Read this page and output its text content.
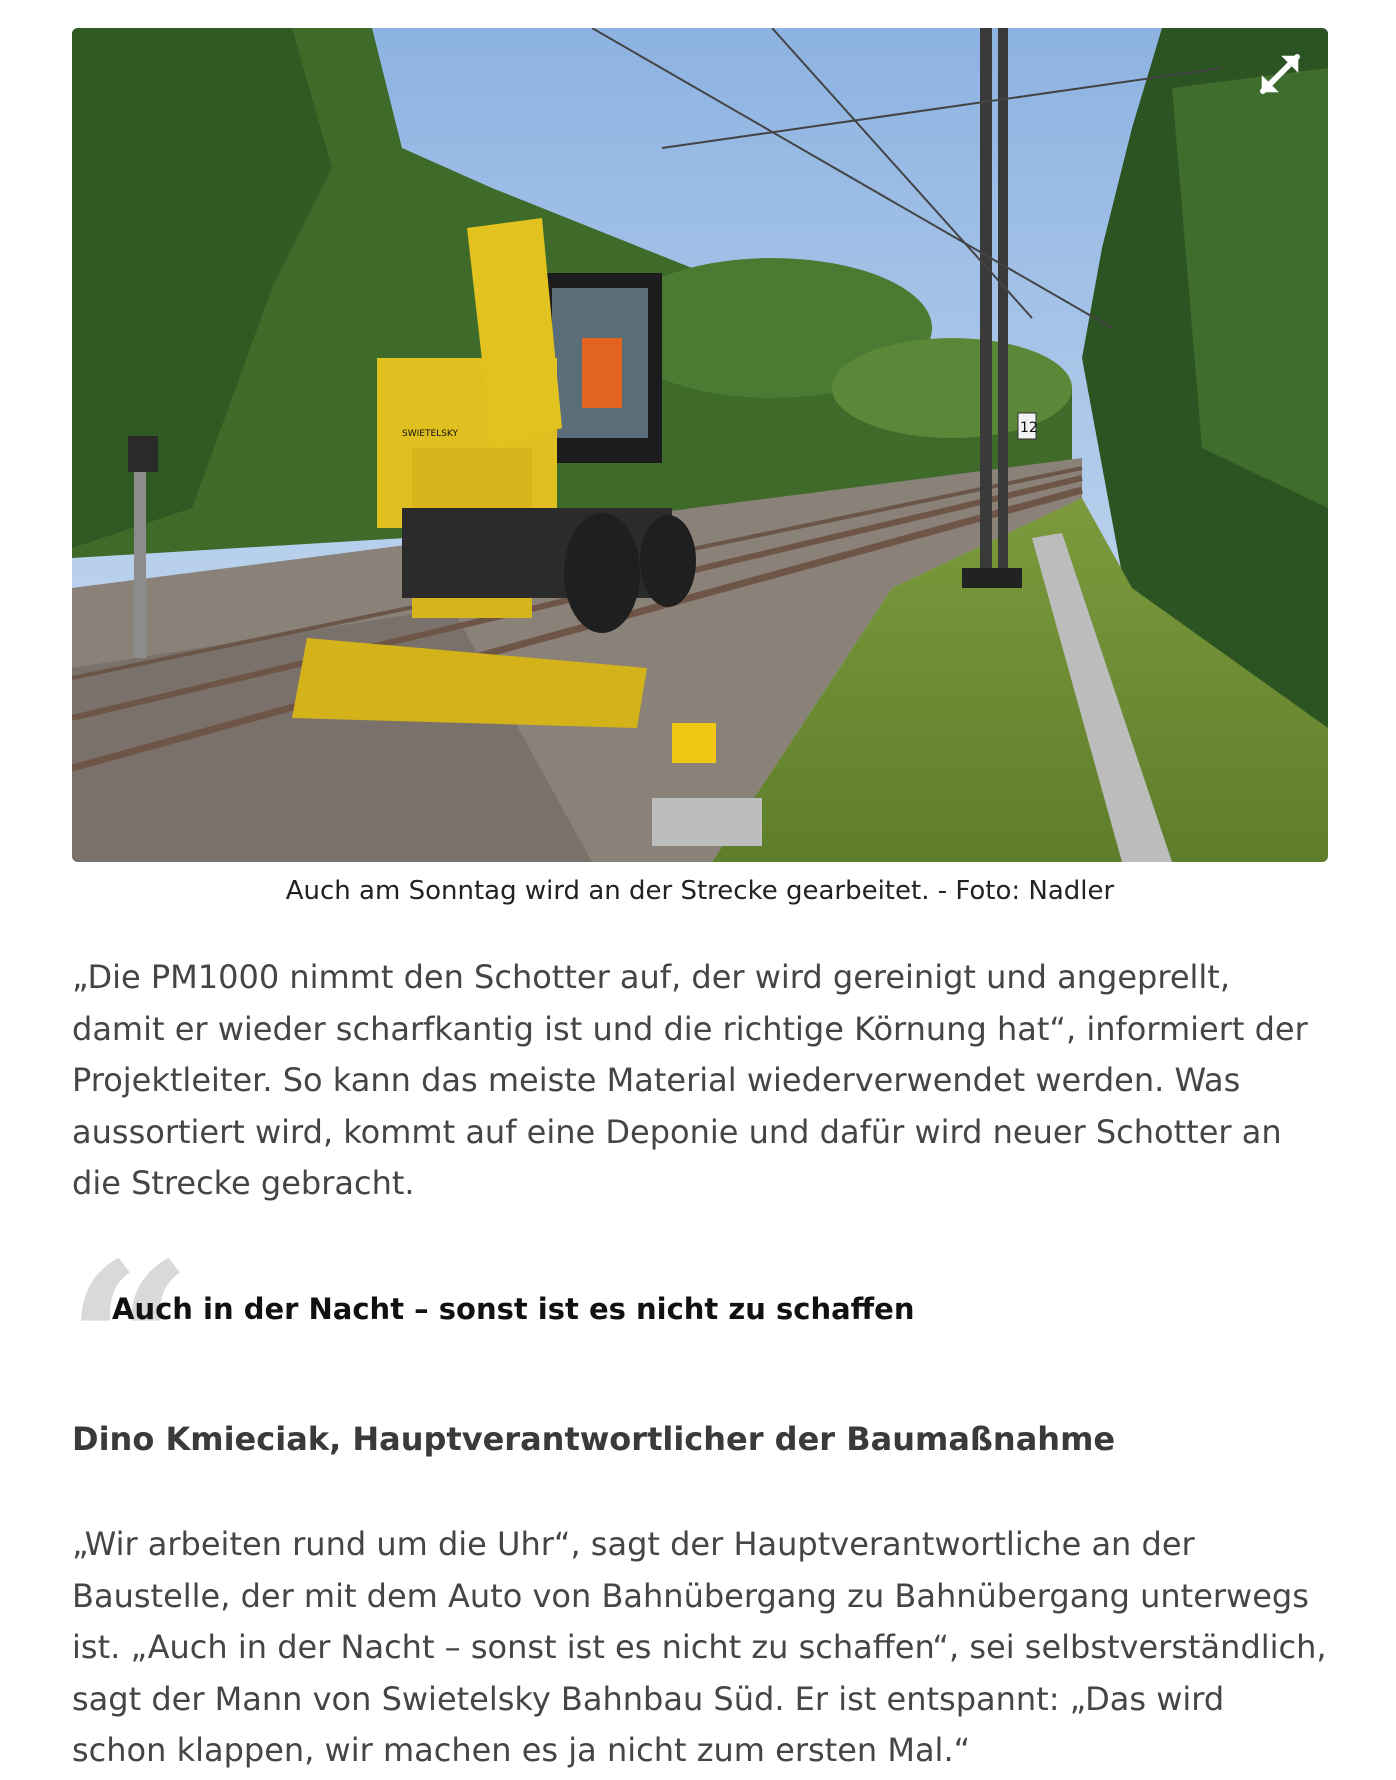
12
SWIETELSKY
Auch am Sonntag wird an der Strecke gearbeitet. - Foto: Nadler

„Die PM1000 nimmt den Schotter auf, der wird gereinigt und angeprellt, damit er wieder scharfkantig ist und die richtige Körnung hat“, informiert der Projektleiter. So kann das meiste Material wiederverwendet werden. Was aussortiert wird, kommt auf eine Deponie und dafür wird neuer Schotter an die Strecke gebracht.

“
Auch in der Nacht – sonst ist es nicht zu schaffen
Dino Kmieciak, Hauptverantwortlicher der Baumaßnahme

„Wir arbeiten rund um die Uhr“, sagt der Hauptverantwortliche an der Baustelle, der mit dem Auto von Bahnübergang zu Bahnübergang unterwegs ist. „Auch in der Nacht – sonst ist es nicht zu schaffen“, sei selbstverständlich, sagt der Mann von Swietelsky Bahnbau Süd. Er ist entspannt: „Das wird schon klappen, wir machen es ja nicht zum ersten Mal.“
